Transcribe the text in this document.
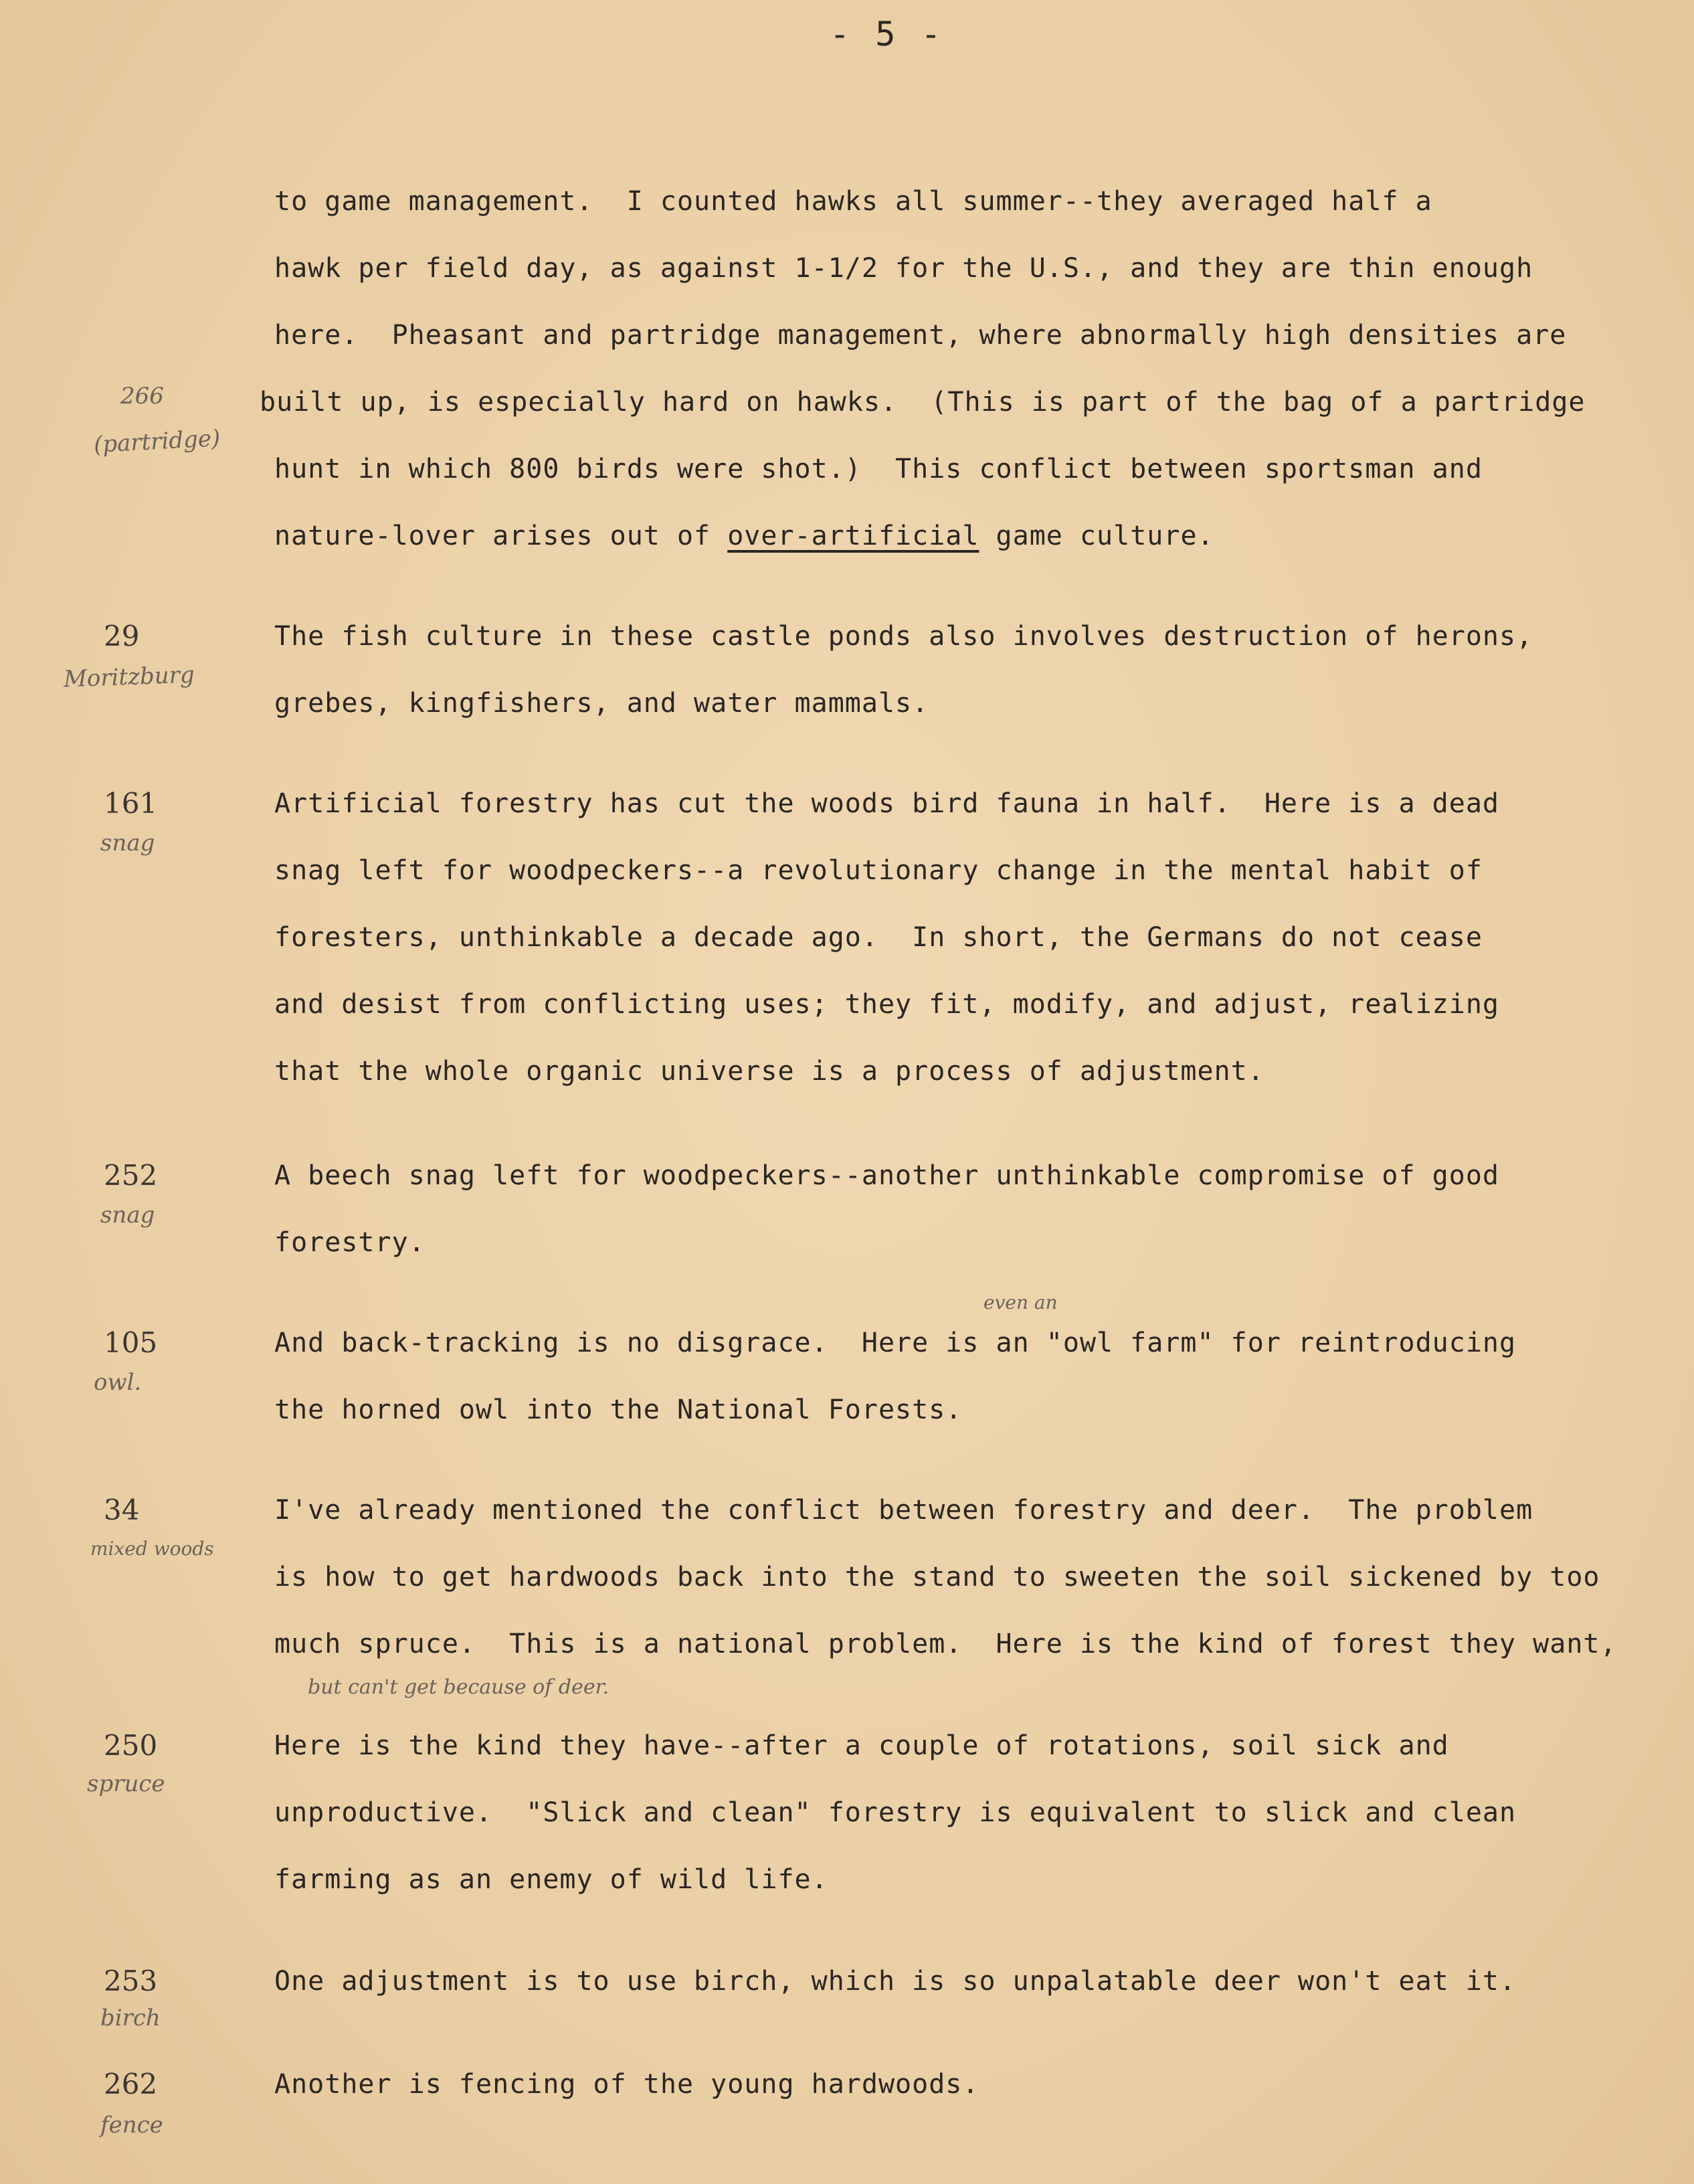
- 5 -
266
(partridge)
to game management.  I counted hawks all summer--they averaged half a
hawk per field day, as against 1-1/2 for the U.S., and they are thin enough
here.  Pheasant and partridge management, where abnormally high densities are
built up, is especially hard on hawks.  (This is part of the bag of a partridge
hunt in which 800 birds were shot.)  This conflict between sportsman and
nature-lover arises out of over-artificial game culture.
29
Moritzburg
The fish culture in these castle ponds also involves destruction of herons,
grebes, kingfishers, and water mammals.
161
snag
Artificial forestry has cut the woods bird fauna in half.  Here is a dead
snag left for woodpeckers--a revolutionary change in the mental habit of
foresters, unthinkable a decade ago.  In short, the Germans do not cease
and desist from conflicting uses; they fit, modify, and adjust, realizing
that the whole organic universe is a process of adjustment.
252
snag
A beech snag left for woodpeckers--another unthinkable compromise of good
forestry.
105
owl.
even an
And back-tracking is no disgrace.  Here is an "owl farm" for reintroducing
the horned owl into the National Forests.
34
mixed woods
I've already mentioned the conflict between forestry and deer.  The problem
is how to get hardwoods back into the stand to sweeten the soil sickened by too
much spruce.  This is a national problem.  Here is the kind of forest they want,
but can't get because of deer.
250
spruce
Here is the kind they have--after a couple of rotations, soil sick and
unproductive.  "Slick and clean" forestry is equivalent to slick and clean
farming as an enemy of wild life.
253
birch
One adjustment is to use birch, which is so unpalatable deer won't eat it.
262
fence
Another is fencing of the young hardwoods.
